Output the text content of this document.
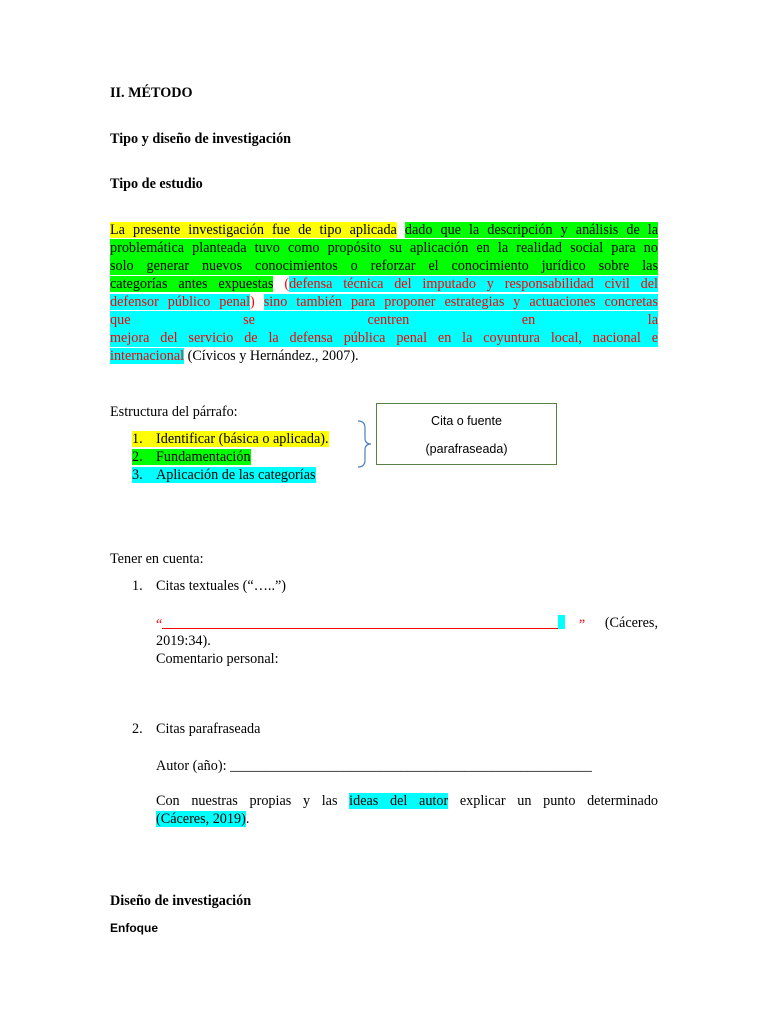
II. MÉTODO
Tipo y diseño de investigación
Tipo de estudio
La presente investigación fue de tipo aplicada dado que la descripción y análisis de la
problemática planteada tuvo como propósito su aplicación en la realidad social para no
solo generar nuevos conocimientos o reforzar el conocimiento jurídico sobre las
categorías antes expuestas (defensa técnica del imputado y responsabilidad civil del
defensor público penal) sino también para proponer estrategias y actuaciones concretas
que se centren en la
mejora del servicio de la defensa pública penal en la coyuntura local, nacional e
internacional (Cívicos y Hernández., 2007).
Estructura del párrafo:
1. Identificar (básica o aplicada).
2. Fundamentación
3. Aplicación de las categorías
Cita o fuente
(parafraseada)
Tener en cuenta:
1. Citas textuales (“…..”)
“	” (Cáceres,
2019:34).
Comentario personal:
2. Citas parafraseada
Autor (año): ___________________________________________________
Con nuestras propias y las ideas del autor explicar un punto determinado
(Cáceres, 2019).
Diseño de investigación
Enfoque
